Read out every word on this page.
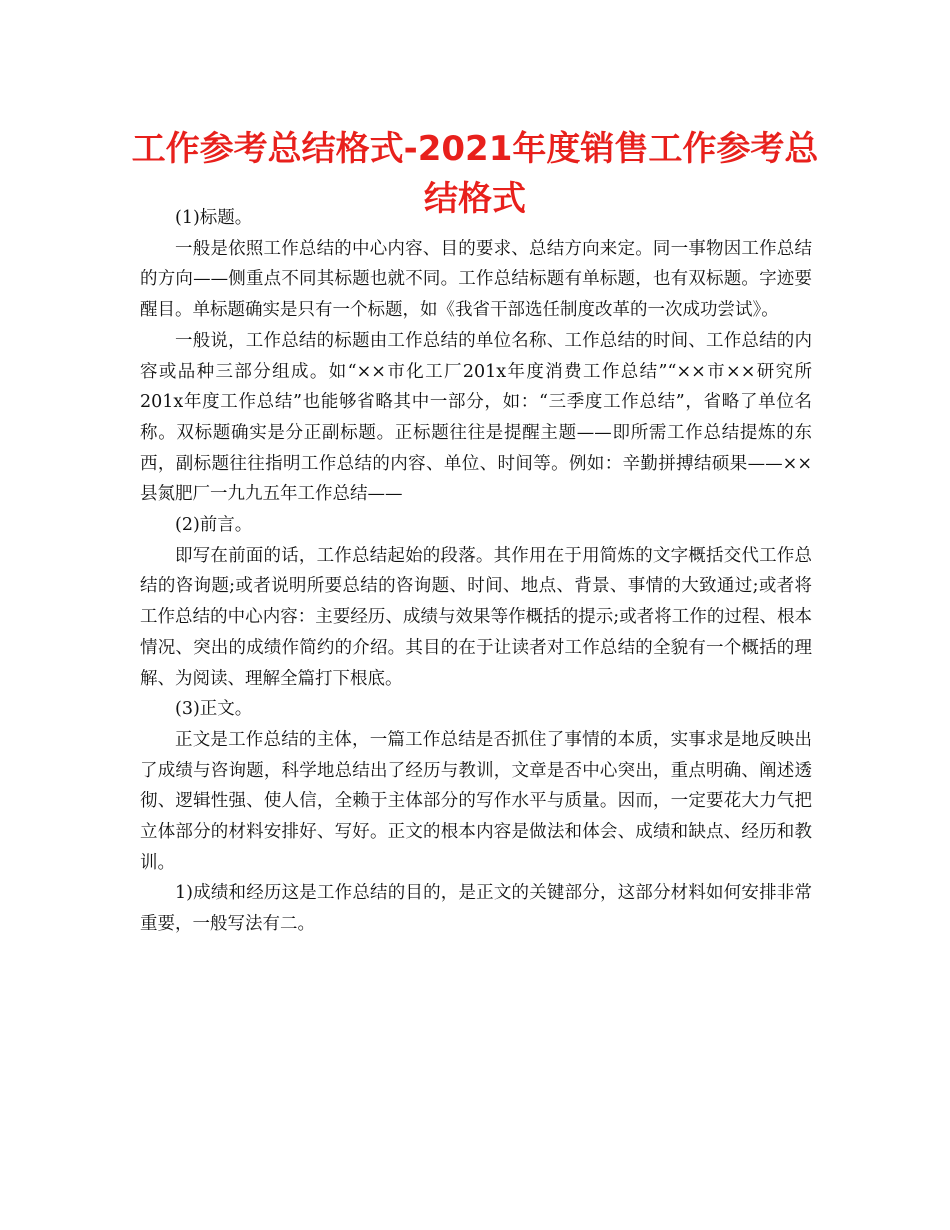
工作参考总结格式-2021年度销售工作参考总结格式

(1)标题。

一般是依照工作总结的中心内容、目的要求、总结方向来定。同一事物因工作总结的方向——侧重点不同其标题也就不同。工作总结标题有单标题，也有双标题。字迹要醒目。单标题确实是只有一个标题，如《我省干部选任制度改革的一次成功尝试》。

一般说，工作总结的标题由工作总结的单位名称、工作总结的时间、工作总结的内容或品种三部分组成。如“××市化工厂201x年度消费工作总结”“××市××研究所201x年度工作总结”也能够省略其中一部分，如：“三季度工作总结”，省略了单位名称。双标题确实是分正副标题。正标题往往是提醒主题——即所需工作总结提炼的东西，副标题往往指明工作总结的内容、单位、时间等。例如：辛勤拼搏结硕果——××县氮肥厂一九九五年工作总结——

(2)前言。

即写在前面的话，工作总结起始的段落。其作用在于用简炼的文字概括交代工作总结的咨询题;或者说明所要总结的咨询题、时间、地点、背景、事情的大致通过;或者将工作总结的中心内容：主要经历、成绩与效果等作概括的提示;或者将工作的过程、根本情况、突出的成绩作简约的介绍。其目的在于让读者对工作总结的全貌有一个概括的理解、为阅读、理解全篇打下根底。

(3)正文。

正文是工作总结的主体，一篇工作总结是否抓住了事情的本质，实事求是地反映出了成绩与咨询题，科学地总结出了经历与教训，文章是否中心突出，重点明确、阐述透彻、逻辑性强、使人信，全赖于主体部分的写作水平与质量。因而，一定要花大力气把立体部分的材料安排好、写好。正文的根本内容是做法和体会、成绩和缺点、经历和教训。

1)成绩和经历这是工作总结的目的，是正文的关键部分，这部分材料如何安排非常重要，一般写法有二。
